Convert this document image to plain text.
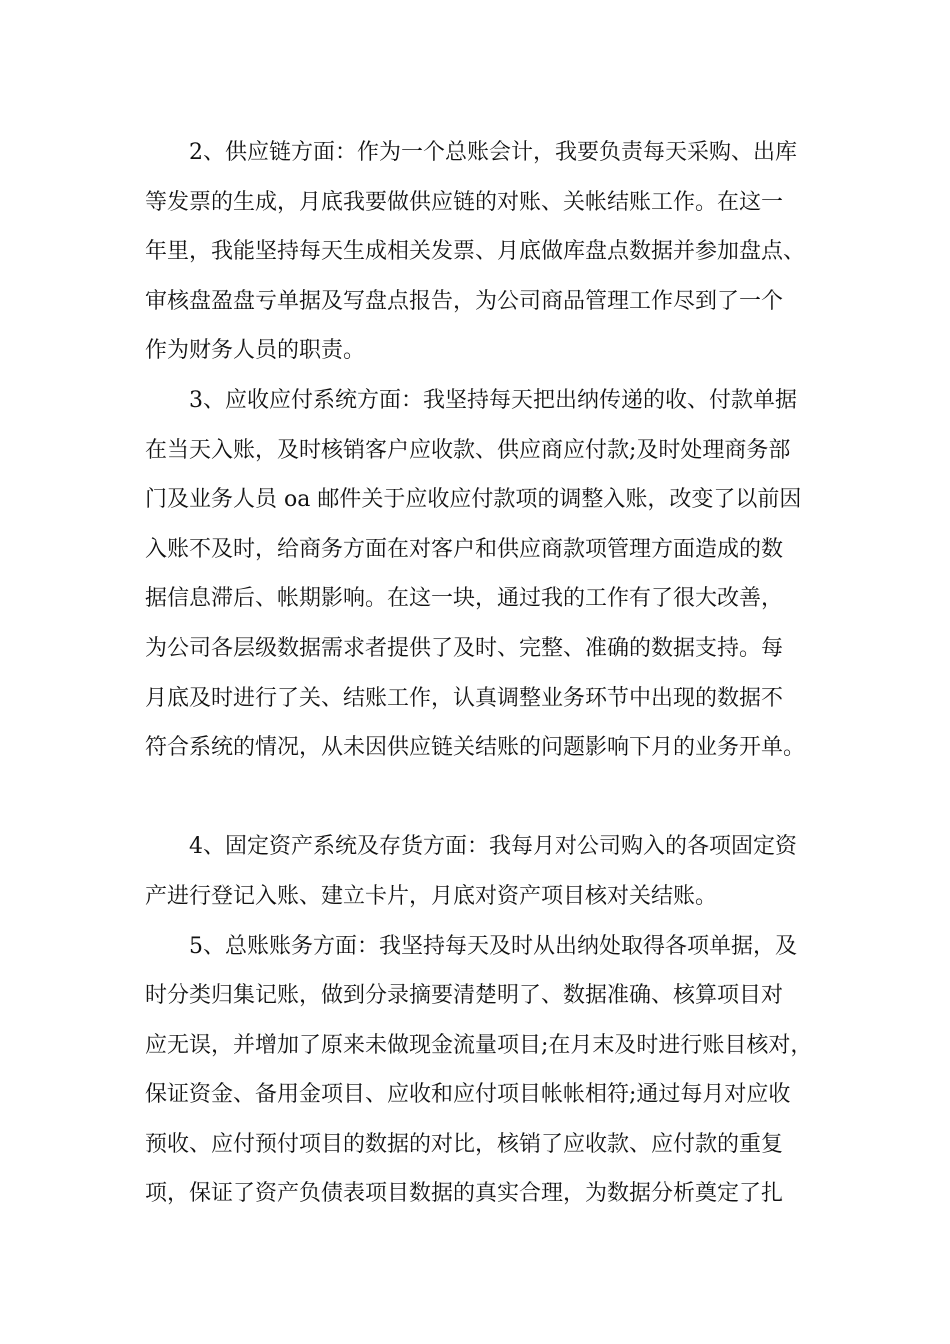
2、供应链方面：作为一个总账会计，我要负责每天采购、出库
等发票的生成，月底我要做供应链的对账、关帐结账工作。在这一
年里，我能坚持每天生成相关发票、月底做库盘点数据并参加盘点、
审核盘盈盘亏单据及写盘点报告，为公司商品管理工作尽到了一个
作为财务人员的职责。
3、应收应付系统方面：我坚持每天把出纳传递的收、付款单据
在当天入账，及时核销客户应收款、供应商应付款;及时处理商务部
门及业务人员 oa 邮件关于应收应付款项的调整入账，改变了以前因
入账不及时，给商务方面在对客户和供应商款项管理方面造成的数
据信息滞后、帐期影响。在这一块，通过我的工作有了很大改善，
为公司各层级数据需求者提供了及时、完整、准确的数据支持。每
月底及时进行了关、结账工作，认真调整业务环节中出现的数据不
符合系统的情况，从未因供应链关结账的问题影响下月的业务开单。
4、固定资产系统及存货方面：我每月对公司购入的各项固定资
产进行登记入账、建立卡片，月底对资产项目核对关结账。
5、总账账务方面：我坚持每天及时从出纳处取得各项单据，及
时分类归集记账，做到分录摘要清楚明了、数据准确、核算项目对
应无误，并增加了原来未做现金流量项目;在月末及时进行账目核对，
保证资金、备用金项目、应收和应付项目帐帐相符;通过每月对应收
预收、应付预付项目的数据的对比，核销了应收款、应付款的重复
项，保证了资产负债表项目数据的真实合理，为数据分析奠定了扎
